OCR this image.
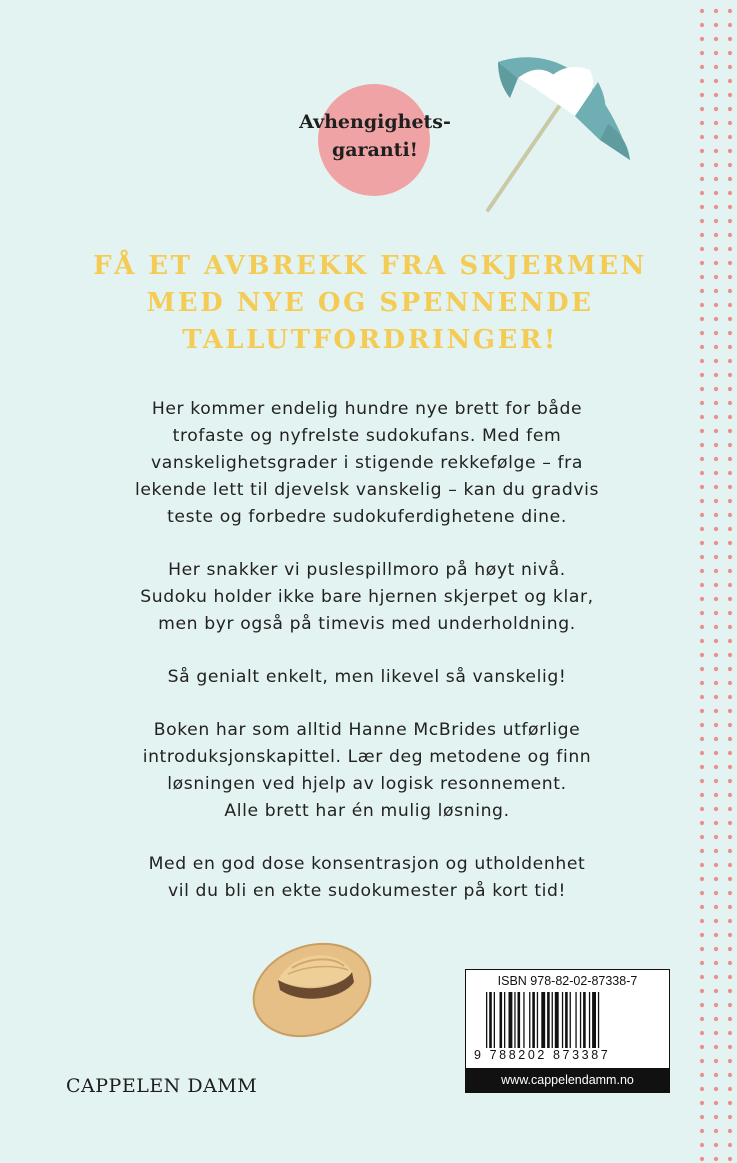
Avhengighets-
garanti!
FÅ ET AVBREKK FRA SKJERMEN
MED NYE OG SPENNENDE
TALLUTFORDRINGER!

Her kommer endelig hundre nye brett for både
trofaste og nyfrelste sudokufans. Med fem
vanskelighetsgrader i stigende rekkefølge – fra
lekende lett til djevelsk vanskelig – kan du gradvis
teste og forbedre sudokuferdighetene dine.

Her snakker vi puslespillmoro på høyt nivå.
Sudoku holder ikke bare hjernen skjerpet og klar,
men byr også på timevis med underholdning.

Så genialt enkelt, men likevel så vanskelig!

Boken har som alltid Hanne McBrides utførlige
introduksjonskapittel. Lær deg metodene og finn
løsningen ved hjelp av logisk resonnement.
Alle brett har én mulig løsning.

Med en god dose konsentrasjon og utholdenhet
vil du bli en ekte sudokumester på kort tid!

CAPPELEN DAMM
ISBN 978-82-02-87338-7
9 788202 873387
www.cappelendamm.no
